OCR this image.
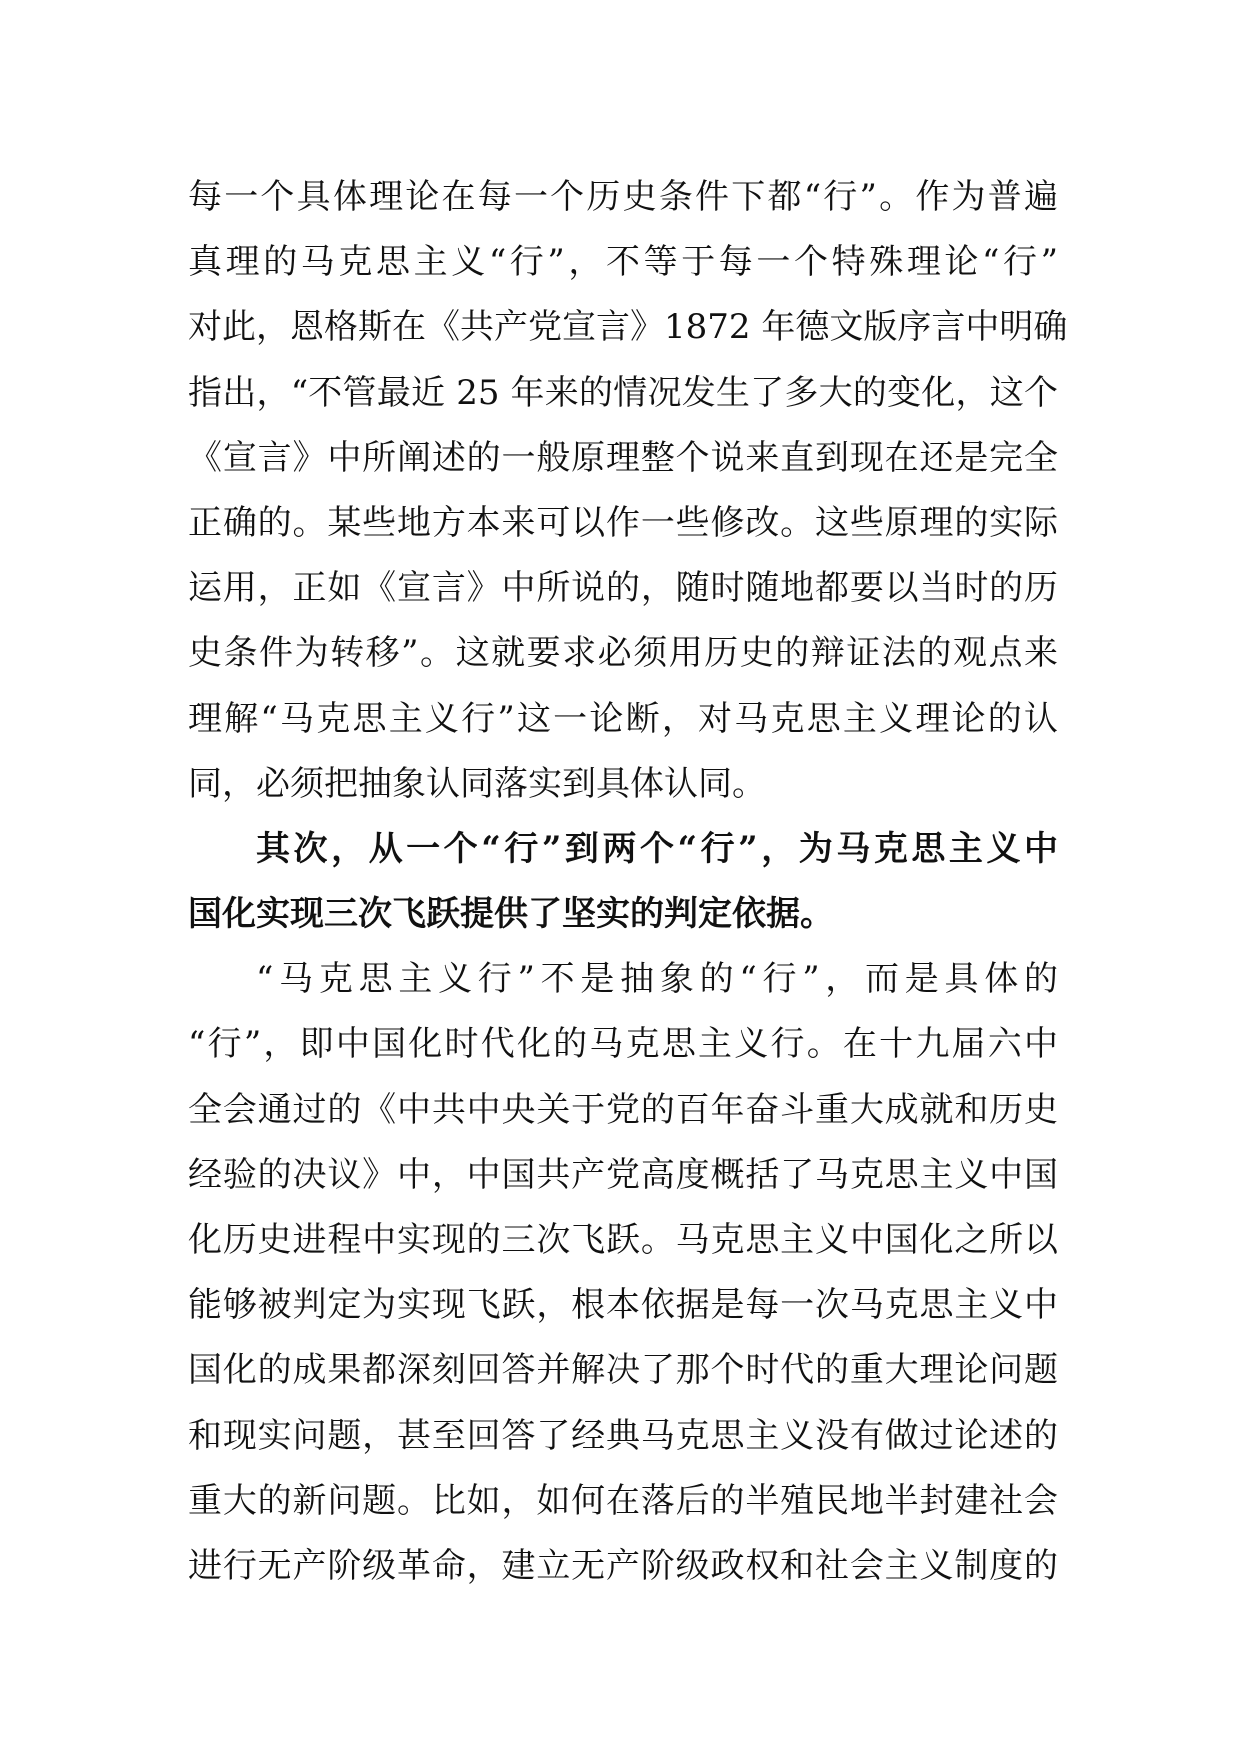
每一个具体理论在每一个历史条件下都“行”。作为普遍
真理的马克思主义“行”，不等于每一个特殊理论“行”
对此，恩格斯在《共产党宣言》1872 年德文版序言中明确
指出，“不管最近 25 年来的情况发生了多大的变化，这个
《宣言》中所阐述的一般原理整个说来直到现在还是完全
正确的。某些地方本来可以作一些修改。这些原理的实际
运用，正如《宣言》中所说的，随时随地都要以当时的历
史条件为转移”。这就要求必须用历史的辩证法的观点来
理解“马克思主义行”这一论断，对马克思主义理论的认
同，必须把抽象认同落实到具体认同。
其次，从一个“行”到两个“行”，为马克思主义中
国化实现三次飞跃提供了坚实的判定依据。
“马克思主义行”不是抽象的“行”，而是具体的
“行”，即中国化时代化的马克思主义行。在十九届六中
全会通过的《中共中央关于党的百年奋斗重大成就和历史
经验的决议》中，中国共产党高度概括了马克思主义中国
化历史进程中实现的三次飞跃。马克思主义中国化之所以
能够被判定为实现飞跃，根本依据是每一次马克思主义中
国化的成果都深刻回答并解决了那个时代的重大理论问题
和现实问题，甚至回答了经典马克思主义没有做过论述的
重大的新问题。比如，如何在落后的半殖民地半封建社会
进行无产阶级革命，建立无产阶级政权和社会主义制度的
